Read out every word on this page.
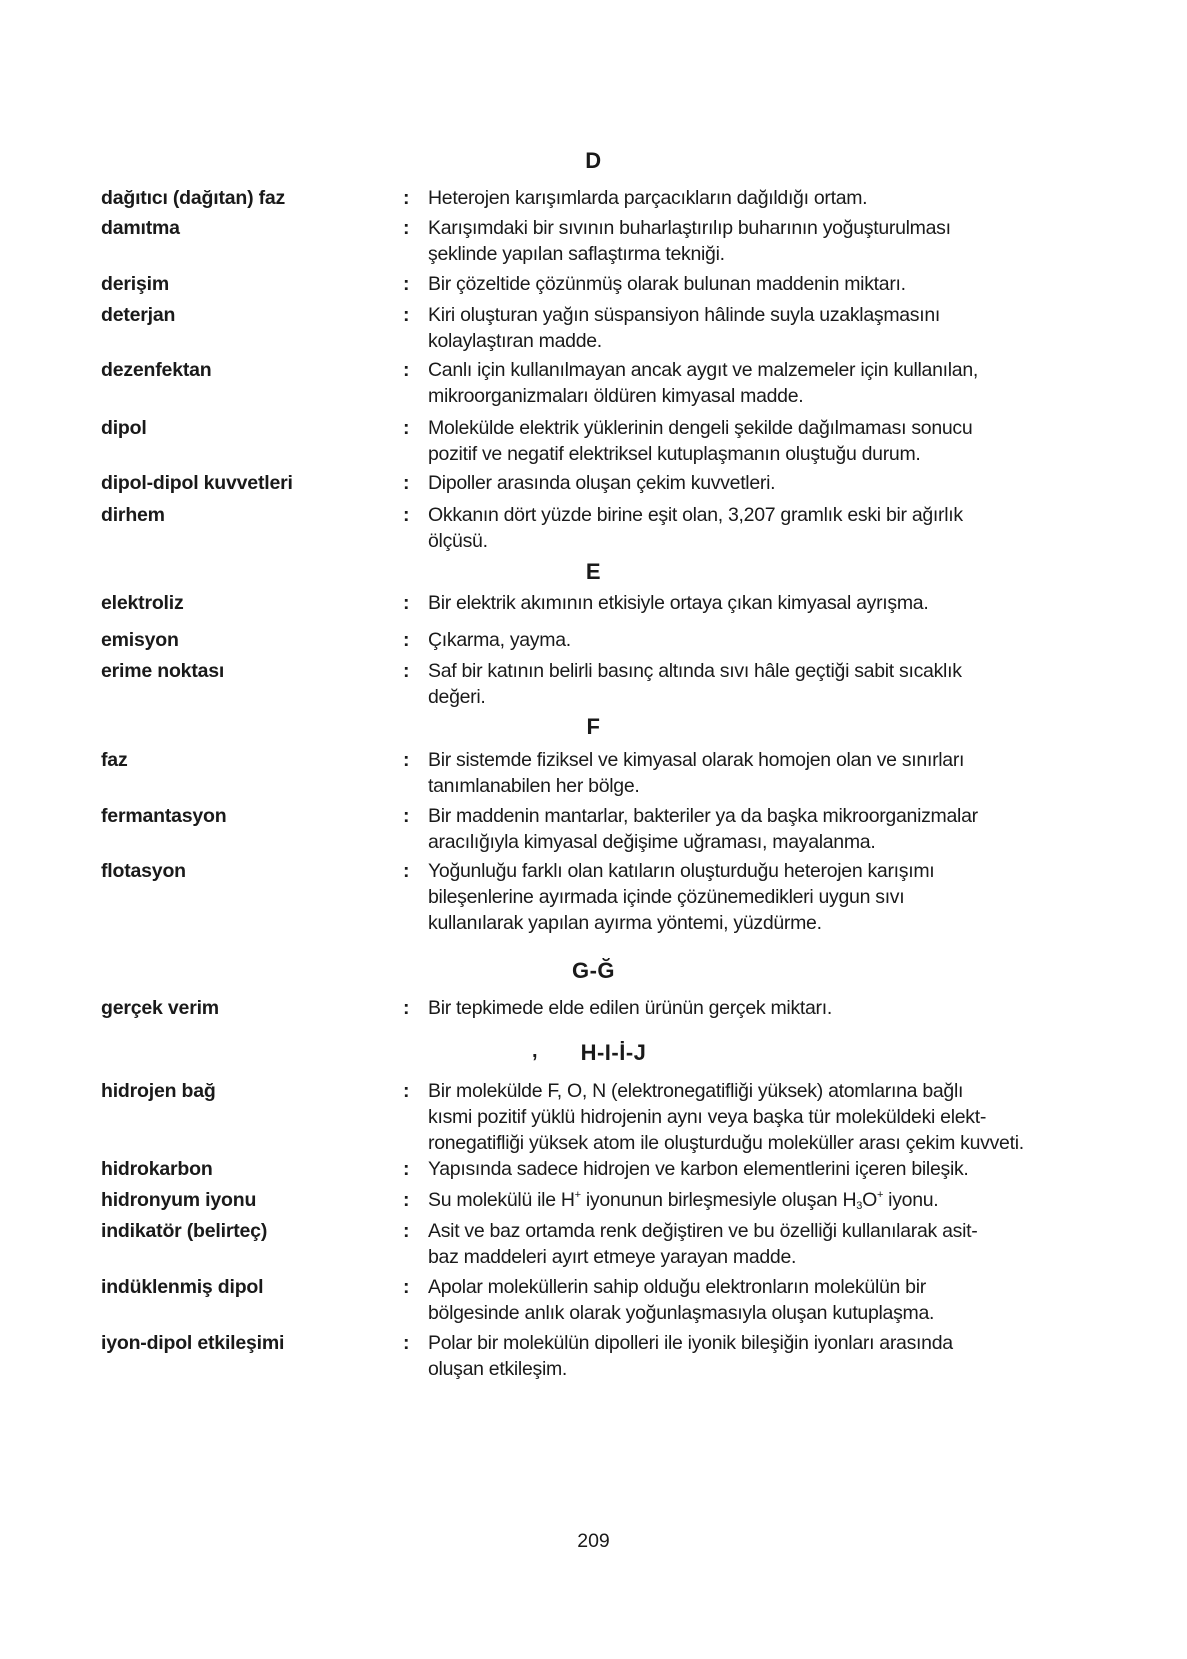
D
dağıtıcı (dağıtan) faz	: Heterojen karışımlarda parçacıkların dağıldığı ortam.
damıtma	: Karışımdaki bir sıvının buharlaştırılıp buharının yoğuşturulması
şeklinde yapılan saflaştırma tekniği.
derişim	: Bir çözeltide çözünmüş olarak bulunan maddenin miktarı.
deterjan	: Kiri oluşturan yağın süspansiyon hâlinde suyla uzaklaşmasını
kolaylaştıran madde.
dezenfektan	: Canlı için kullanılmayan ancak aygıt ve malzemeler için kullanılan,
mikroorganizmaları öldüren kimyasal madde.
dipol	: Molekülde elektrik yüklerinin dengeli şekilde dağılmaması sonucu
pozitif ve negatif elektriksel kutuplaşmanın oluştuğu durum.
dipol-dipol kuvvetleri	: Dipoller arasında oluşan çekim kuvvetleri.
dirhem	: Okkanın dört yüzde birine eşit olan, 3,207 gramlık eski bir ağırlık
ölçüsü.
E
elektroliz	: Bir elektrik akımının etkisiyle ortaya çıkan kimyasal ayrışma.
emisyon	: Çıkarma, yayma.
erime noktası	: Saf bir katının belirli basınç altında sıvı hâle geçtiği sabit sıcaklık
değeri.
F
faz	: Bir sistemde fiziksel ve kimyasal olarak homojen olan ve sınırları
tanımlanabilen her bölge.
fermantasyon	: Bir maddenin mantarlar, bakteriler ya da başka mikroorganizmalar
aracılığıyla kimyasal değişime uğraması, mayalanma.
flotasyon	: Yoğunluğu farklı olan katıların oluşturduğu heterojen karışımı
bileşenlerine ayırmada içinde çözünemedikleri uygun sıvı
kullanılarak yapılan ayırma yöntemi, yüzdürme.
G-Ğ
gerçek verim	: Bir tepkimede elde edilen ürünün gerçek miktarı.
,	H-I-İ-J
hidrojen bağ	: Bir molekülde F, O, N (elektronegatifliği yüksek) atomlarına bağlı
kısmi pozitif yüklü hidrojenin aynı veya başka tür moleküldeki elekt-
ronegatifliği yüksek atom ile oluşturduğu moleküller arası çekim kuvveti.
hidrokarbon	: Yapısında sadece hidrojen ve karbon elementlerini içeren bileşik.
hidronyum iyonu	: Su molekülü ile H+ iyonunun birleşmesiyle oluşan $H_3O^+$ iyonu.
indikatör (belirteç)	: Asit ve baz ortamda renk değiştiren ve bu özelliği kullanılarak asit-
baz maddeleri ayırt etmeye yarayan madde.
indüklenmiş dipol	: Apolar moleküllerin sahip olduğu elektronların molekülün bir
bölgesinde anlık olarak yoğunlaşmasıyla oluşan kutuplaşma.
iyon-dipol etkileşimi	: Polar bir molekülün dipolleri ile iyonik bileşiğin iyonları arasında
oluşan etkileşim.
209
